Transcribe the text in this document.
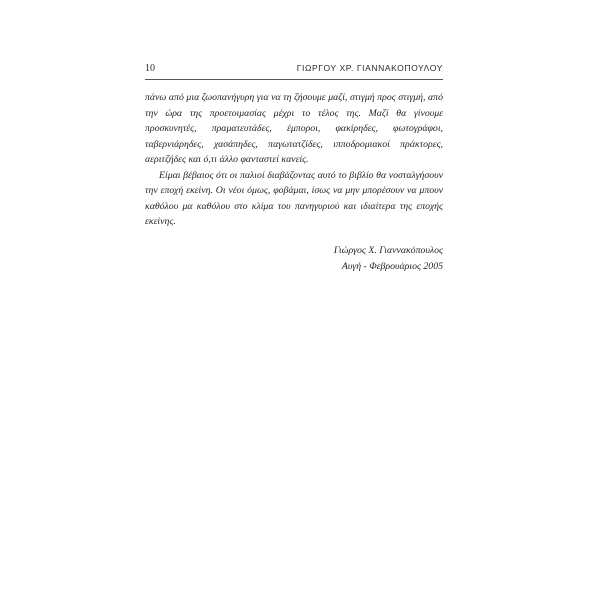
10	ΓΙΩΡΓΟΥ ΧΡ. ΓΙΑΝΝΑΚΟΠΟΥΛΟΥ

πάνω από μια ζωοπανήγυρη για να τη ζήσουμε μαζί, στιγμή προς στιγμή, από την ώρα της προετοιμασίας μέχρι το τέλος της. Μαζί θα γίνουμε προσκυνητές, πραματευτάδες, έμποροι, φακίρηδες, φωτογράφοι, ταβερνιάρηδες, χασάπηδες, παγωτατζίδες, ιπποδρομιακοί πράκτορες, αεριτζήδες και ό,τι άλλο φανταστεί κανείς.

Είμαι βέβαιος ότι οι παλιοί διαβάζοντας αυτό το βιβλίο θα νοσταλγήσουν την εποχή εκείνη. Οι νέοι όμως, φοβάμαι, ίσως να μην μπορέσουν να μπουν καθόλου μα καθόλου στο κλίμα του πανηγυριού και ιδιαίτερα της εποχής εκείνης.

Γιώργος Χ. Γιαννακόπουλος
Αυγή - Φεβρουάριος 2005
